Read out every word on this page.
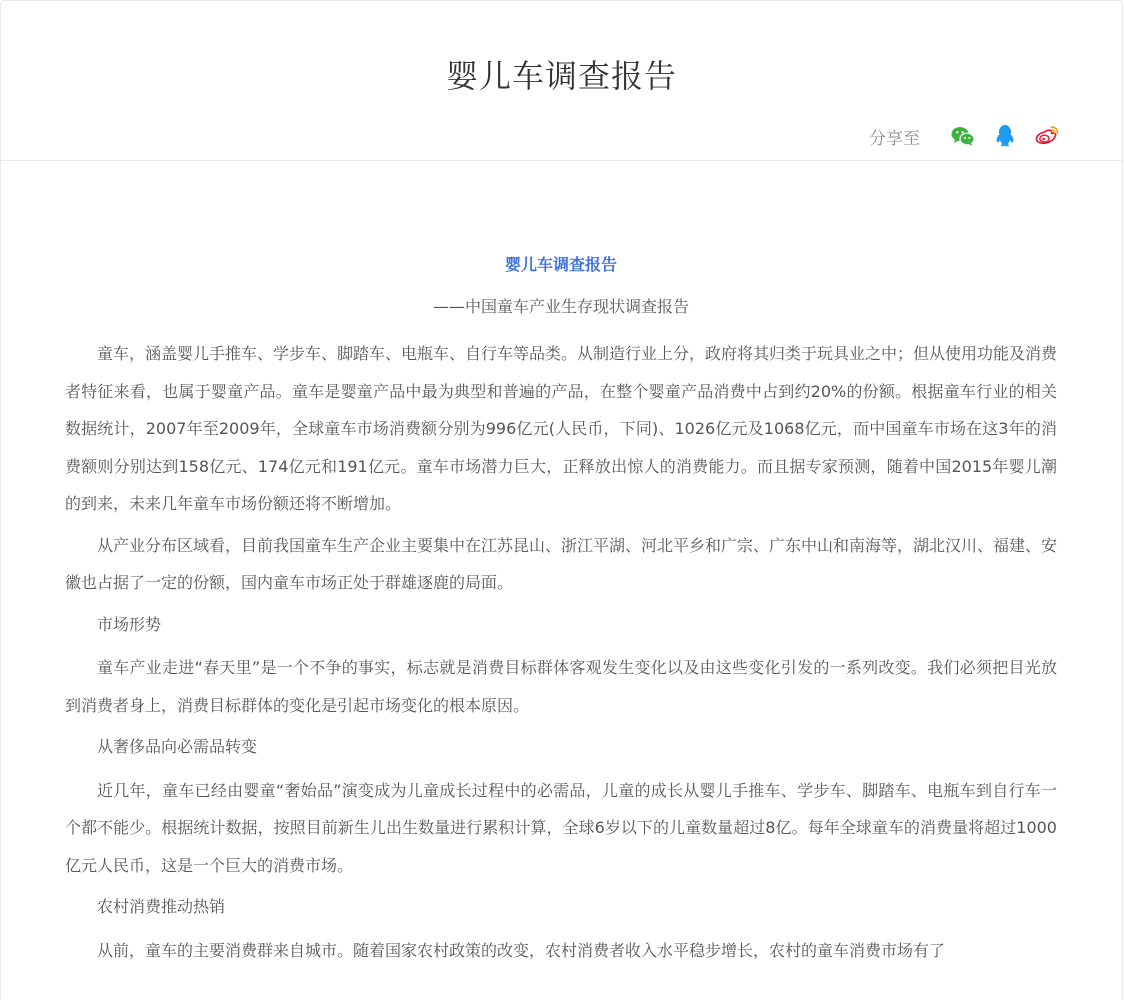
婴儿车调查报告
分享至
婴儿车调查报告
——中国童车产业生存现状调查报告

童车，涵盖婴儿手推车、学步车、脚踏车、电瓶车、自行车等品类。从制造行业上分，政府将其归类于玩具业之中；但从使用功能及消费者特征来看，也属于婴童产品。童车是婴童产品中最为典型和普遍的产品，在整个婴童产品消费中占到约20%的份额。根据童车行业的相关数据统计，2007年至2009年，全球童车市场消费额分别为996亿元(人民币，下同)、1026亿元及1068亿元，而中国童车市场在这3年的消费额则分别达到158亿元、174亿元和191亿元。童车市场潜力巨大，正释放出惊人的消费能力。而且据专家预测，随着中国2015年婴儿潮的到来，未来几年童车市场份额还将不断增加。

从产业分布区域看，目前我国童车生产企业主要集中在江苏昆山、浙江平湖、河北平乡和广宗、广东中山和南海等，湖北汉川、福建、安徽也占据了一定的份额，国内童车市场正处于群雄逐鹿的局面。

市场形势

童车产业走进“春天里”是一个不争的事实，标志就是消费目标群体客观发生变化以及由这些变化引发的一系列改变。我们必须把目光放到消费者身上，消费目标群体的变化是引起市场变化的根本原因。

从奢侈品向必需品转变

近几年，童车已经由婴童“奢始品”演变成为儿童成长过程中的必需品，儿童的成长从婴儿手推车、学步车、脚踏车、电瓶车到自行车一个都不能少。根据统计数据，按照目前新生儿出生数量进行累积计算，全球6岁以下的儿童数量超过8亿。每年全球童车的消费量将超过1000亿元人民币，这是一个巨大的消费市场。

农村消费推动热销

从前，童车的主要消费群来自城市。随着国家农村政策的改变，农村消费者收入水平稳步增长，农村的童车消费市场有了
